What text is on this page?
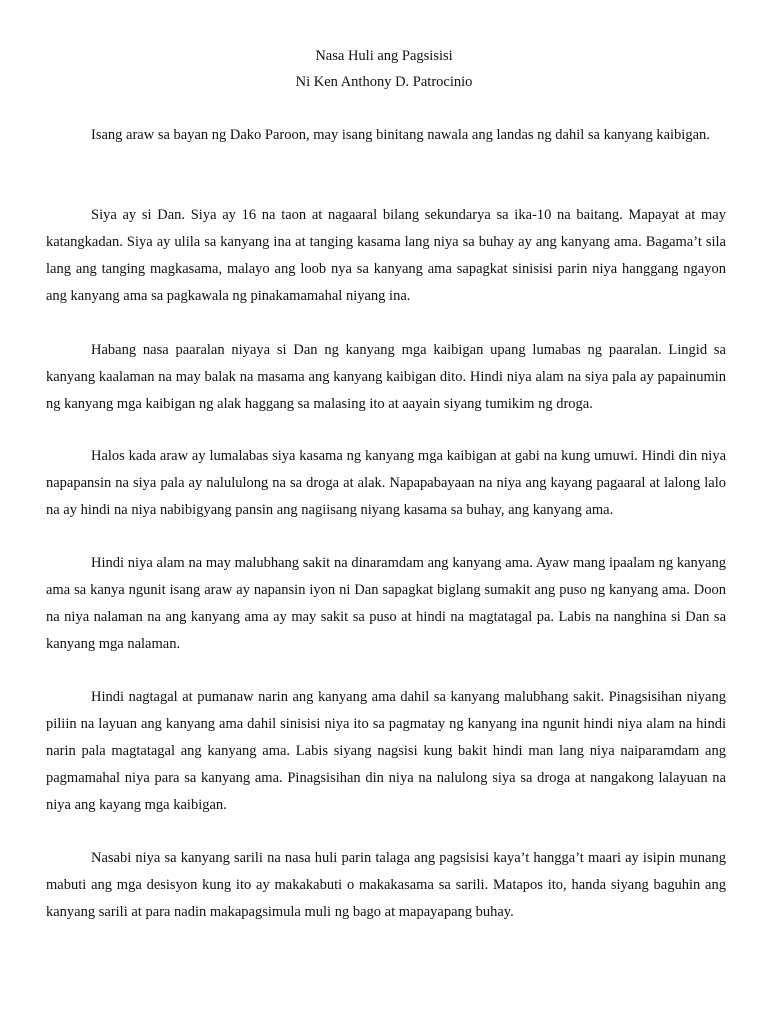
Nasa Huli ang Pagsisisi
Ni Ken Anthony D. Patrocinio

Isang araw sa bayan ng Dako Paroon, may isang binitang nawala ang landas ng dahil sa kanyang kaibigan.

Siya ay si Dan. Siya ay 16 na taon at nagaaral bilang sekundarya sa ika-10 na baitang. Mapayat at may katangkadan. Siya ay ulila sa kanyang ina at tanging kasama lang niya sa buhay ay ang kanyang ama. Bagama’t sila lang ang tanging magkasama, malayo ang loob nya sa kanyang ama sapagkat sinisisi parin niya hanggang ngayon ang kanyang ama sa pagkawala ng pinakamamahal niyang ina.

Habang nasa paaralan niyaya si Dan ng kanyang mga kaibigan upang lumabas ng paaralan. Lingid sa kanyang kaalaman na may balak na masama ang kanyang kaibigan dito. Hindi niya alam na siya pala ay papainumin ng kanyang mga kaibigan ng alak haggang sa malasing ito at aayain siyang tumikim ng droga.

Halos kada araw ay lumalabas siya kasama ng kanyang mga kaibigan at gabi na kung umuwi. Hindi din niya napapansin na siya pala ay nalululong na sa droga at alak. Napapabayaan na niya ang kayang pagaaral at lalong lalo na ay hindi na niya nabibigyang pansin ang nagiisang niyang kasama sa buhay, ang kanyang ama.

Hindi niya alam na may malubhang sakit na dinaramdam ang kanyang ama. Ayaw mang ipaalam ng kanyang ama sa kanya ngunit isang araw ay napansin iyon ni Dan sapagkat biglang sumakit ang puso ng kanyang ama. Doon na niya nalaman na ang kanyang ama ay may sakit sa puso at hindi na magtatagal pa. Labis na nanghina si Dan sa kanyang mga nalaman.

Hindi nagtagal at pumanaw narin ang kanyang ama dahil sa kanyang malubhang sakit. Pinagsisihan niyang piliin na layuan ang kanyang ama dahil sinisisi niya ito sa pagmatay ng kanyang ina ngunit hindi niya alam na hindi narin pala magtatagal ang kanyang ama. Labis siyang nagsisi kung bakit hindi man lang niya naiparamdam ang pagmamahal niya para sa kanyang ama. Pinagsisihan din niya na nalulong siya sa droga at nangakong lalayuan na niya ang kayang mga kaibigan.

Nasabi niya sa kanyang sarili na nasa huli parin talaga ang pagsisisi kaya’t hangga’t maari ay isipin munang mabuti ang mga desisyon kung ito ay makakabuti o makakasama sa sarili. Matapos ito, handa siyang baguhin ang kanyang sarili at para nadin makapagsimula muli ng bago at mapayapang buhay.
